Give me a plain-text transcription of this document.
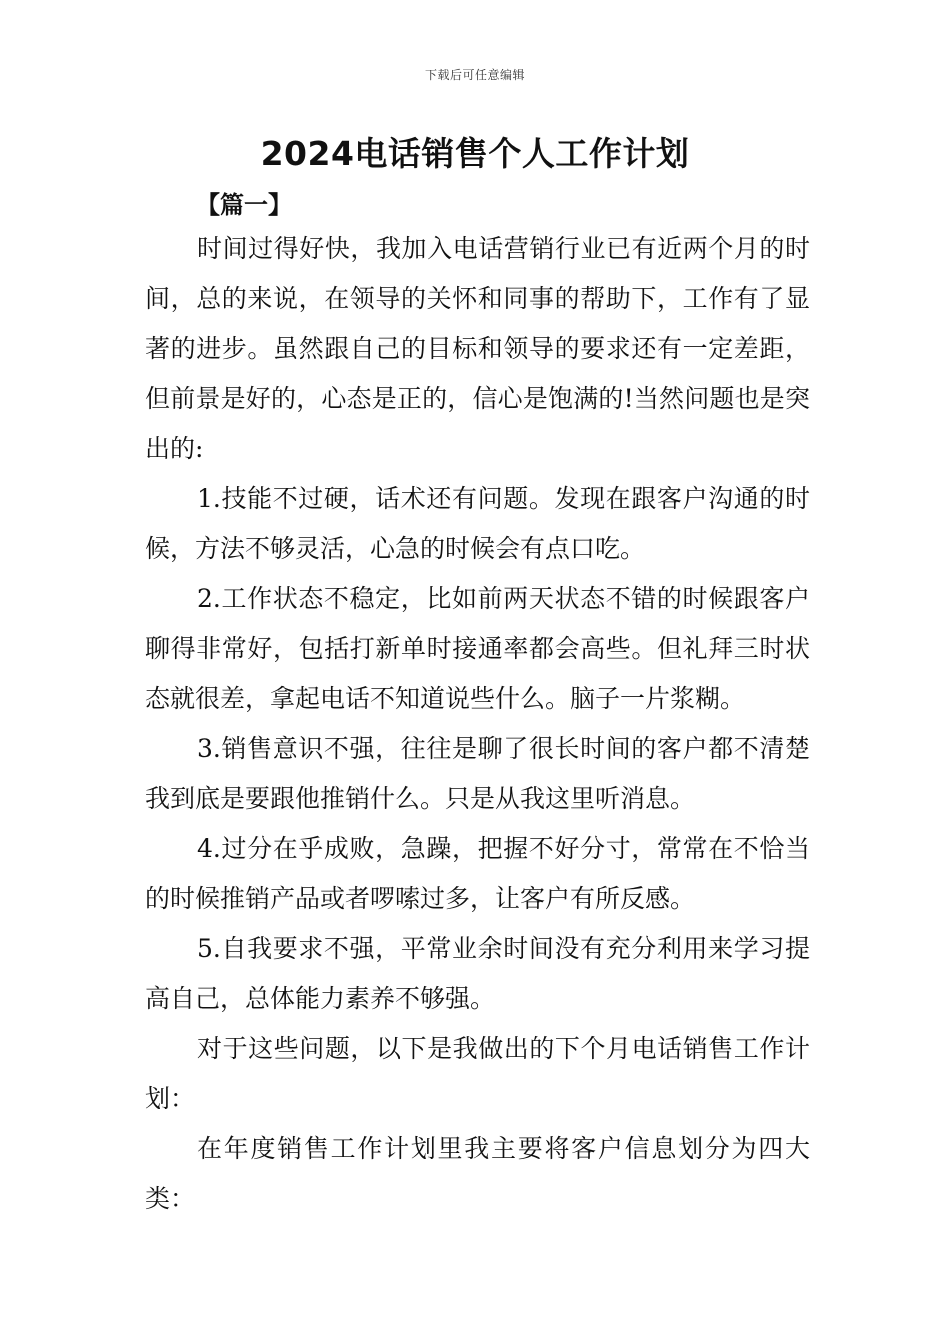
下载后可任意编辑
2024电话销售个人工作计划
【篇一】

时间过得好快，我加入电话营销行业已有近两个月的时间，总的来说，在领导的关怀和同事的帮助下，工作有了显著的进步。虽然跟自己的目标和领导的要求还有一定差距，但前景是好的，心态是正的，信心是饱满的!当然问题也是突出的:

1.技能不过硬，话术还有问题。发现在跟客户沟通的时候，方法不够灵活，心急的时候会有点口吃。

2.工作状态不稳定，比如前两天状态不错的时候跟客户聊得非常好，包括打新单时接通率都会高些。但礼拜三时状态就很差，拿起电话不知道说些什么。脑子一片浆糊。

3.销售意识不强，往往是聊了很长时间的客户都不清楚我到底是要跟他推销什么。只是从我这里听消息。

4.过分在乎成败，急躁，把握不好分寸，常常在不恰当的时候推销产品或者啰嗦过多，让客户有所反感。

5.自我要求不强，平常业余时间没有充分利用来学习提高自己，总体能力素养不够强。

对于这些问题，以下是我做出的下个月电话销售工作计划：

在年度销售工作计划里我主要将客户信息划分为四大类：
